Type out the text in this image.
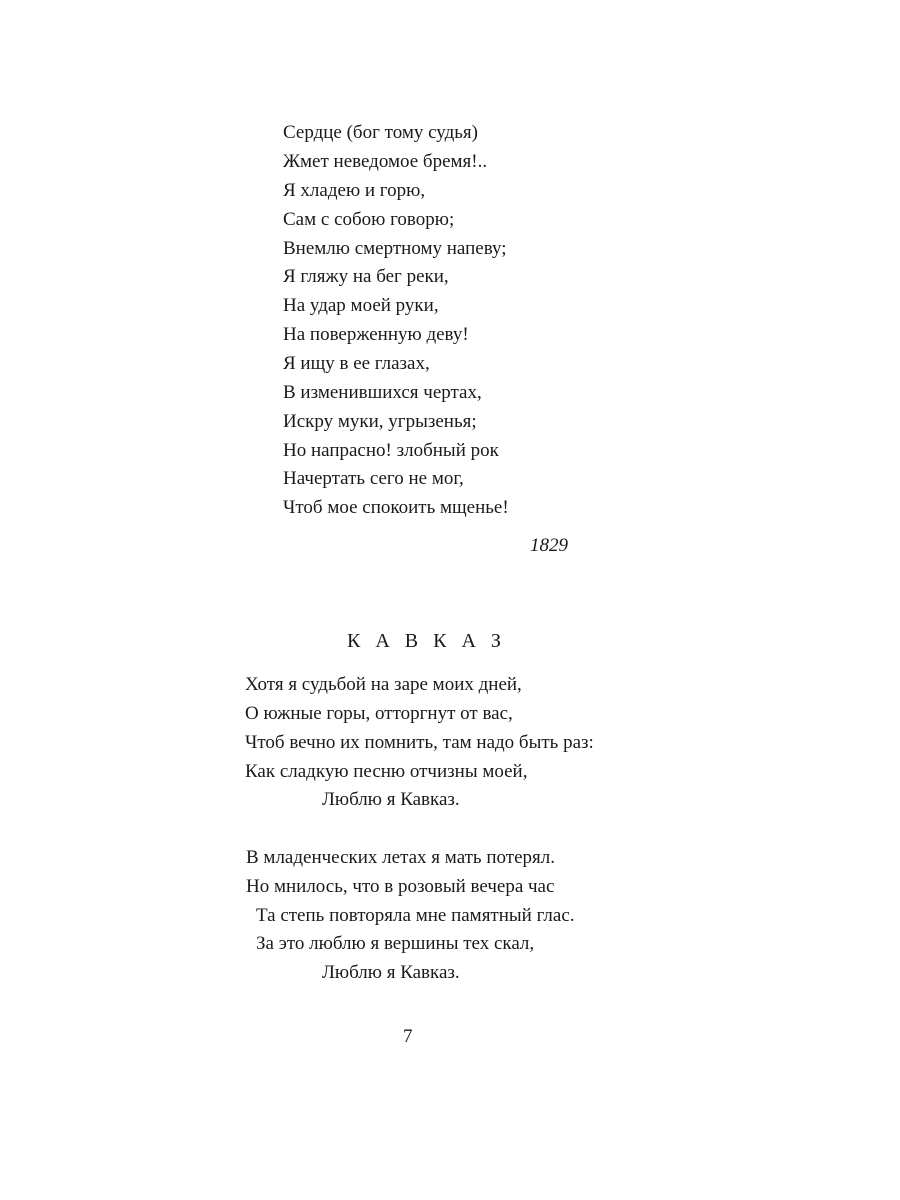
Сердце (бог тому судья)
Жмет неведомое бремя!..
Я хладею и горю,
Сам с собою говорю;
Внемлю смертному напеву;
Я гляжу на бег реки,
На удар моей руки,
На поверженную деву!
Я ищу в ее глазах,
В изменившихся чертах,
Искру муки, угрызенья;
Но напрасно! злобный рок
Начертать сего не мог,
Чтоб мое спокоить мщенье!
1829
К А В К А З
Хотя я судьбой на заре моих дней,
О южные горы, отторгнут от вас,
Чтоб вечно их помнить, там надо быть раз:
Как сладкую песню отчизны моей,
Люблю я Кавказ.
В младенческих летах я мать потерял.
Но мнилось, что в розовый вечера час
Та степь повторяла мне памятный глас.
За это люблю я вершины тех скал,
Люблю я Кавказ.
7
